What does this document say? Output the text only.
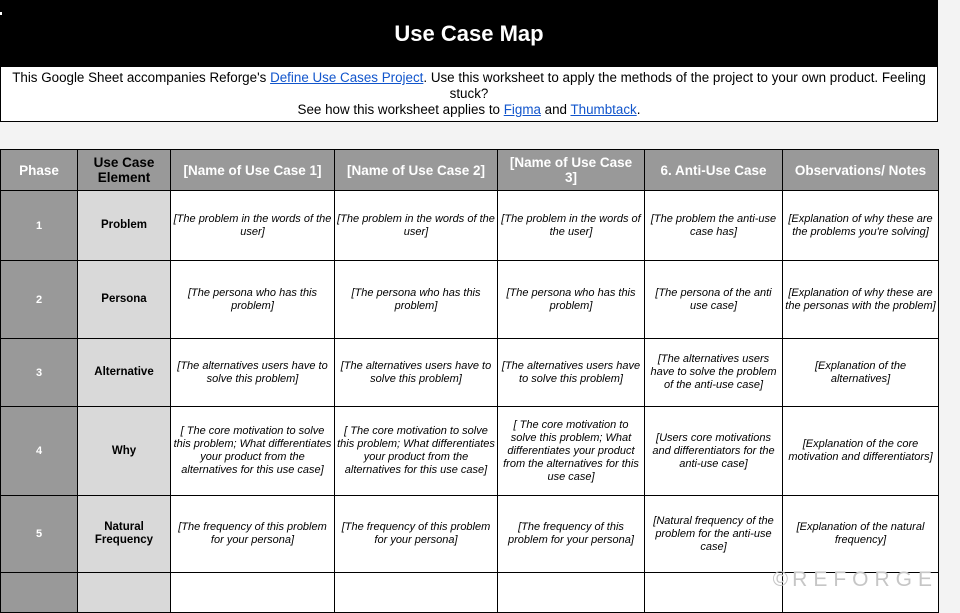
Use Case Map
This Google Sheet accompanies Reforge's Define Use Cases Project. Use this worksheet to apply the methods of the project to your own product. Feeling stuck?
See how this worksheet applies to Figma and Thumbtack.
Phase	Use Case Element	[Name of Use Case 1]	[Name of Use Case 2]	[Name of Use Case 3]	6. Anti-Use Case	Observations/ Notes
1	Problem	[The problem in the words of the user]	[The problem in the words of the user]	[The problem in the words of the user]	[The problem the anti-use case has]	[Explanation of why these are the problems you're solving]
2	Persona	[The persona who has this problem]	[The persona who has this problem]	[The persona who has this problem]	[The persona of the anti use case]	[Explanation of why these are the personas with the problem]
3	Alternative	[The alternatives users have to solve this problem]	[The alternatives users have to solve this problem]	[The alternatives users have to solve this problem]	[The alternatives users have to solve the problem of the anti-use case]	[Explanation of the alternatives]
4	Why	[ The core motivation to solve this problem; What differentiates your product from the alternatives for this use case]	[ The core motivation to solve this problem; What differentiates your product from the alternatives for this use case]	[ The core motivation to solve this problem; What differentiates your product from the alternatives for this use case]	[Users core motivations and differentiators for the anti-use case]	[Explanation of the core motivation and differentiators]
5	Natural Frequency	[The frequency of this problem for your persona]	[The frequency of this problem for your persona]	[The frequency of this problem for your persona]	[Natural frequency of the problem for the anti-use case]	[Explanation of the natural frequency]

© REFORGE
